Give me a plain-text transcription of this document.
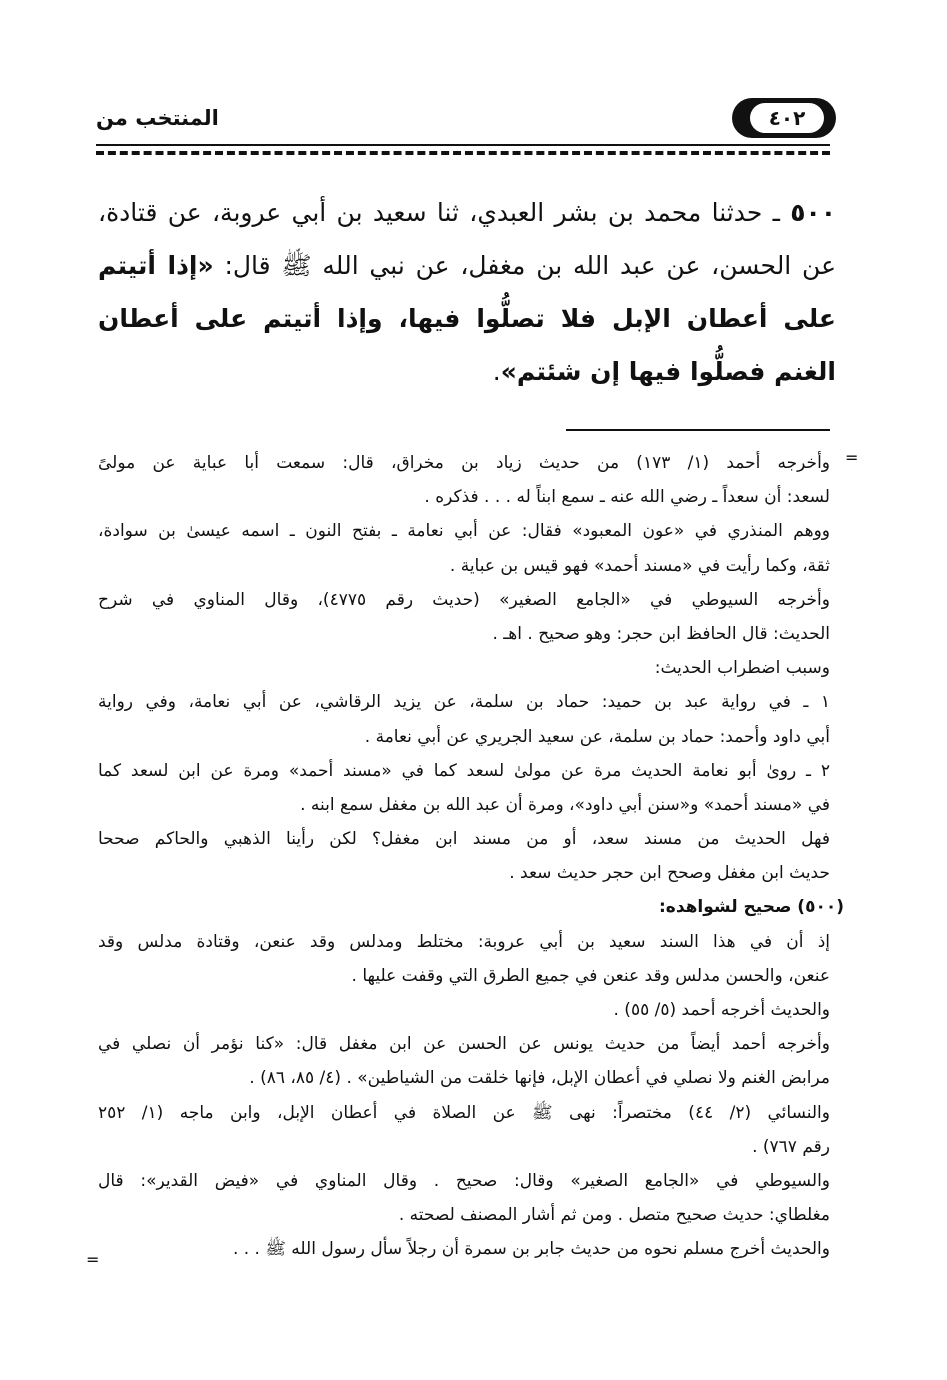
٤٠٢
المنتخب من
٥٠٠ ـ حدثنا محمد بن بشر العبدي، ثنا سعيد بن أبي عروبة، عن قتادة، عن الحسن، عن عبد الله بن مغفل، عن نبي الله ﷺ قال: «إذا أتيتم على أعطان الإبل فلا تصلُّوا فيها، وإذا أتيتم على أعطان الغنم فصلُّوا فيها إن شئتم».
=
وأخرجه أحمد (١/ ١٧٣) من حديث زياد بن مخراق، قال: سمعت أبا عباية عن مولىً
لسعد: أن سعداً ـ رضي الله عنه ـ سمع ابناً له . . . فذكره .
ووهم المنذري في «عون المعبود» فقال: عن أبي نعامة ـ بفتح النون ـ اسمه عيسىٰ بن سوادة،
ثقة، وكما رأيت في «مسند أحمد» فهو قيس بن عباية .
وأخرجه السيوطي في «الجامع الصغير» (حديث رقم ٤٧٧٥)، وقال المناوي في شرح
الحديث: قال الحافظ ابن حجر: وهو صحيح . اهـ .
وسبب اضطراب الحديث:
١ ـ في رواية عبد بن حميد: حماد بن سلمة، عن يزيد الرقاشي، عن أبي نعامة، وفي رواية
أبي داود وأحمد: حماد بن سلمة، عن سعيد الجريري عن أبي نعامة .
٢ ـ رویٰ أبو نعامة الحديث مرة عن مولىٰ لسعد كما في «مسند أحمد» ومرة عن ابن لسعد كما
في «مسند أحمد» و«سنن أبي داود»، ومرة أن عبد الله بن مغفل سمع ابنه .
فهل الحديث من مسند سعد، أو من مسند ابن مغفل؟ لكن رأينا الذهبي والحاكم صححا
حديث ابن مغفل وصحح ابن حجر حديث سعد .
(٥٠٠) صحيح لشواهده:
إذ أن في هذا السند سعيد بن أبي عروبة: مختلط ومدلس وقد عنعن، وقتادة مدلس وقد
عنعن، والحسن مدلس وقد عنعن في جميع الطرق التي وقفت عليها .
والحديث أخرجه أحمد (٥/ ٥٥) .
وأخرجه أحمد أيضاً من حديث يونس عن الحسن عن ابن مغفل قال: «كنا نؤمر أن نصلي في
مرابض الغنم ولا نصلي في أعطان الإبل، فإنها خلقت من الشياطين» . (٤/ ٨٥، ٨٦) .
والنسائي (٢/ ٤٤) مختصراً: نهى ﷺ عن الصلاة في أعطان الإبل، وابن ماجه (١/ ٢٥٢
رقم ٧٦٧) .
والسيوطي في «الجامع الصغير» وقال: صحيح . وقال المناوي في «فيض القدير»: قال
مغلطاي: حديث صحيح متصل . ومن ثم أشار المصنف لصحته .
والحديث أخرج مسلم نحوه من حديث جابر بن سمرة أن رجلاً سأل رسول الله ﷺ . . .
=
